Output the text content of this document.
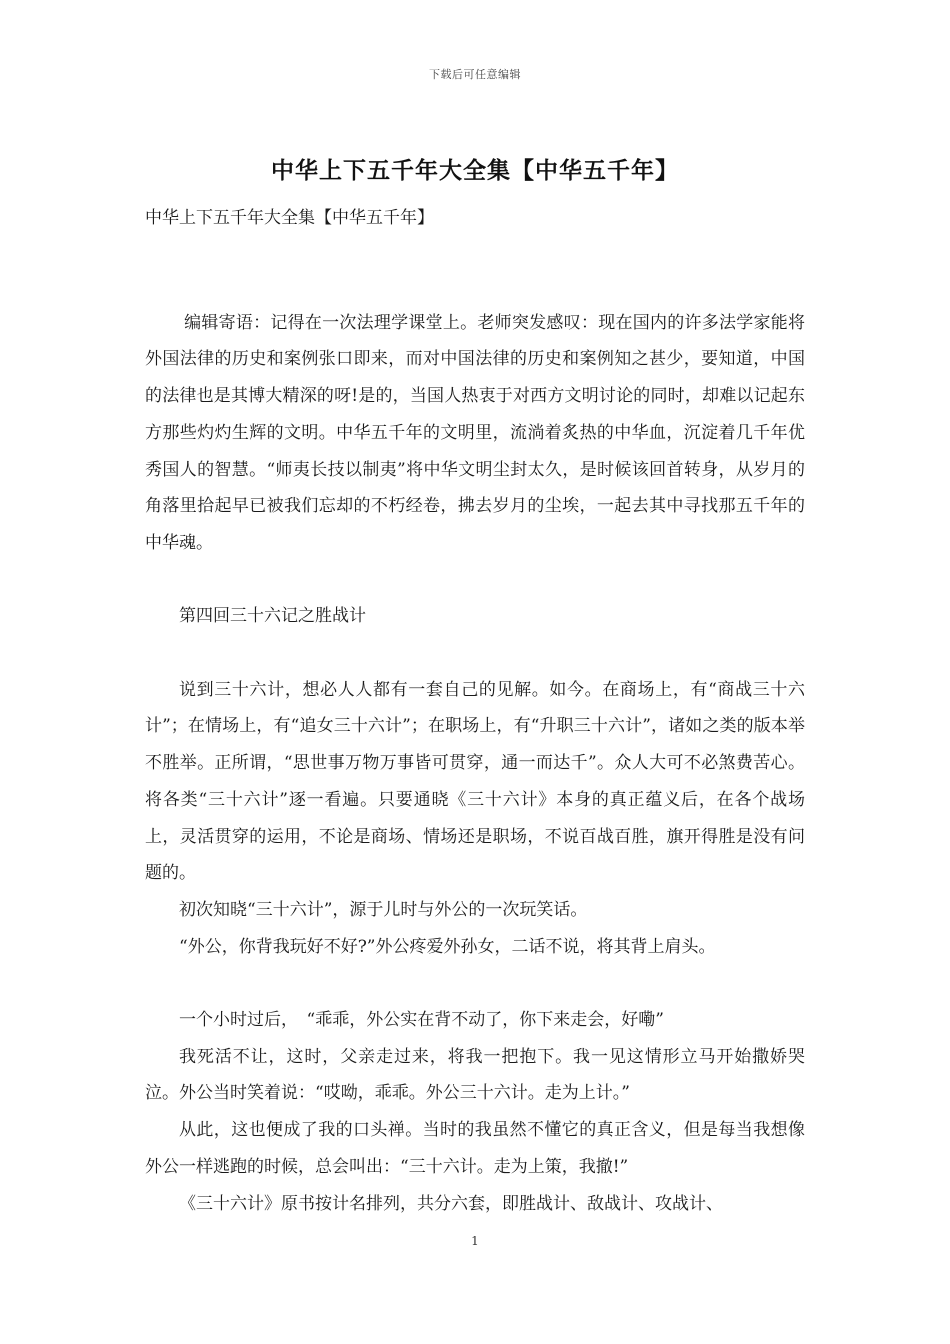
下载后可任意编辑
中华上下五千年大全集【中华五千年】
中华上下五千年大全集【中华五千年】

编辑寄语：记得在一次法理学课堂上。老师突发感叹：现在国内的许多法学家能将外国法律的历史和案例张口即来，而对中国法律的历史和案例知之甚少，要知道，中国的法律也是其博大精深的呀!是的，当国人热衷于对西方文明讨论的同时，却难以记起东方那些灼灼生辉的文明。中华五千年的文明里，流淌着炙热的中华血，沉淀着几千年优秀国人的智慧。“师夷长技以制夷”将中华文明尘封太久，是时候该回首转身，从岁月的角落里拾起早已被我们忘却的不朽经卷，拂去岁月的尘埃，一起去其中寻找那五千年的中华魂。

第四回三十六记之胜战计

说到三十六计，想必人人都有一套自己的见解。如今。在商场上，有“商战三十六计”；在情场上，有“追女三十六计”；在职场上，有“升职三十六计”，诸如之类的版本举不胜举。正所谓，“思世事万物万事皆可贯穿，通一而达千”。众人大可不必煞费苦心。将各类“三十六计”逐一看遍。只要通晓《三十六计》本身的真正蕴义后，在各个战场上，灵活贯穿的运用，不论是商场、情场还是职场，不说百战百胜，旗开得胜是没有问题的。

初次知晓“三十六计”，源于儿时与外公的一次玩笑话。

“外公，你背我玩好不好?”外公疼爱外孙女，二话不说，将其背上肩头。

一个小时过后，　“乖乖，外公实在背不动了，你下来走会，好嘞”

我死活不让，这时，父亲走过来，将我一把抱下。我一见这情形立马开始撒娇哭泣。外公当时笑着说：“哎呦，乖乖。外公三十六计。走为上计。”

从此，这也便成了我的口头禅。当时的我虽然不懂它的真正含义，但是每当我想像外公一样逃跑的时候，总会叫出：“三十六计。走为上策，我撤!”

《三十六计》原书按计名排列，共分六套，即胜战计、敌战计、攻战计、

1
